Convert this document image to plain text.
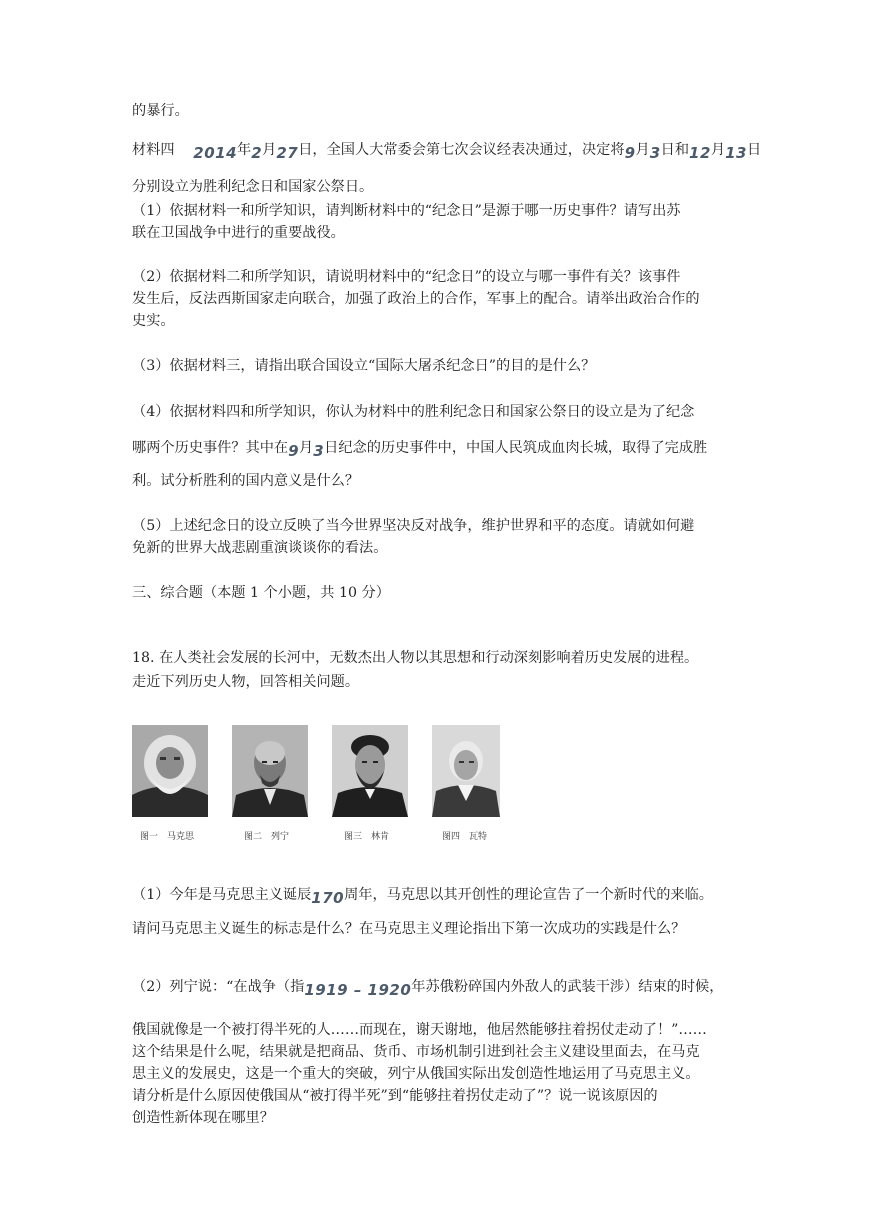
的暴行。
材料四　 2014年2月27日，全国人大常委会第七次会议经表决通过，决定将9月3日和12月13日
分别设立为胜利纪念日和国家公祭日。
（1）依据材料一和所学知识，请判断材料中的“纪念日”是源于哪一历史事件？请写出苏
联在卫国战争中进行的重要战役。
（2）依据材料二和所学知识，请说明材料中的“纪念日”的设立与哪一事件有关？该事件
发生后，反法西斯国家走向联合，加强了政治上的合作，军事上的配合。请举出政治合作的
史实。
（3）依据材料三，请指出联合国设立“国际大屠杀纪念日”的目的是什么？
（4）依据材料四和所学知识，你认为材料中的胜利纪念日和国家公祭日的设立是为了纪念
哪两个历史事件？其中在9月3日纪念的历史事件中，中国人民筑成血肉长城，取得了完成胜
利。试分析胜利的国内意义是什么？
（5）上述纪念日的设立反映了当今世界坚决反对战争，维护世界和平的态度。请就如何避
免新的世界大战悲剧重演谈谈你的看法。
三、综合题（本题 1 个小题，共 10 分）
18. 在人类社会发展的长河中，无数杰出人物以其思想和行动深刻影响着历史发展的进程。
走近下列历史人物，回答相关问题。
（1）今年是马克思主义诞辰170周年，马克思以其开创性的理论宣告了一个新时代的来临。
请问马克思主义诞生的标志是什么？在马克思主义理论指出下第一次成功的实践是什么？
（2）列宁说：“在战争（指1919 – 1920年苏俄粉碎国内外敌人的武装干涉）结束的时候，
俄国就像是一个被打得半死的人……而现在，谢天谢地，他居然能够拄着拐仗走动了！”……
这个结果是什么呢，结果就是把商品、货币、市场机制引进到社会主义建设里面去，在马克
思主义的发展史，这是一个重大的突破，列宁从俄国实际出发创造性地运用了马克思主义。
请分析是什么原因使俄国从“被打得半死”到“能够拄着拐仗走动了”？说一说该原因的
创造性新体现在哪里？
图一　马克思	图二　列宁	图三　林肯	图四　瓦特
